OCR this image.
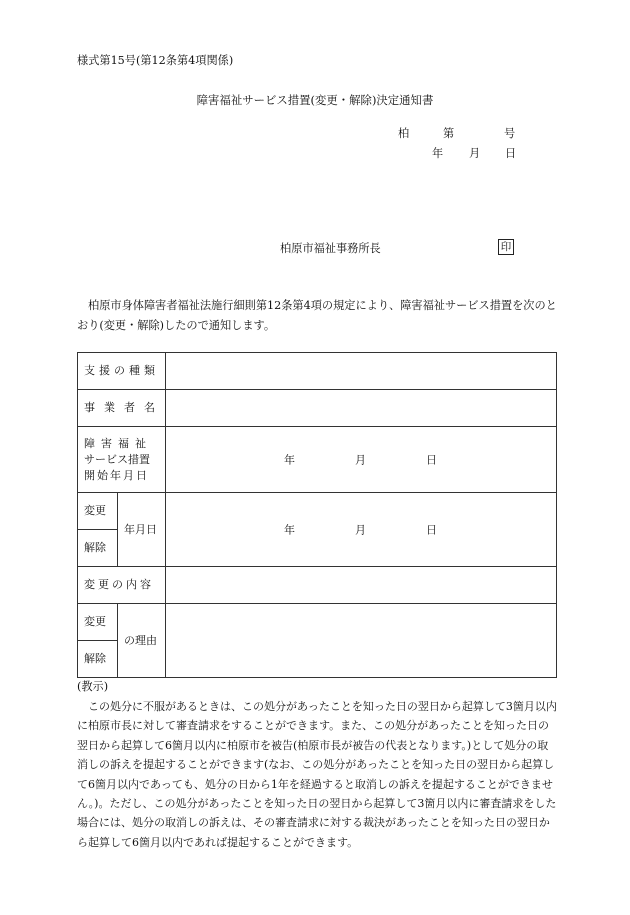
様式第15号(第12条第4項関係)
障害福祉サービス措置(変更・解除)決定通知書
柏	第	号
年 月 日
柏原市福祉事務所長	印
柏原市身体障害者福祉法施行細則第12条第4項の規定により、障害福祉サービス措置を次のとおり(変更・解除)したので通知します。
支援の種類		
事業者名		

障害福祉
サービス措置
開始年月日		年 月 日

変更	年月日	年 月 日

解除		
変更の内容		
変更	の理由	
解除		
(教示)
この処分に不服があるときは、この処分があったことを知った日の翌日から起算して3箇月以内に柏原市長に対して審査請求をすることができます。また、この処分があったことを知った日の翌日から起算して6箇月以内に柏原市を被告(柏原市長が被告の代表となります。)として処分の取消しの訴えを提起することができます(なお、この処分があったことを知った日の翌日から起算して6箇月以内であっても、処分の日から1年を経過すると取消しの訴えを提起することができません。)。ただし、この処分があったことを知った日の翌日から起算して3箇月以内に審査請求をした場合には、処分の取消しの訴えは、その審査請求に対する裁決があったことを知った日の翌日から起算して6箇月以内であれば提起することができます。
